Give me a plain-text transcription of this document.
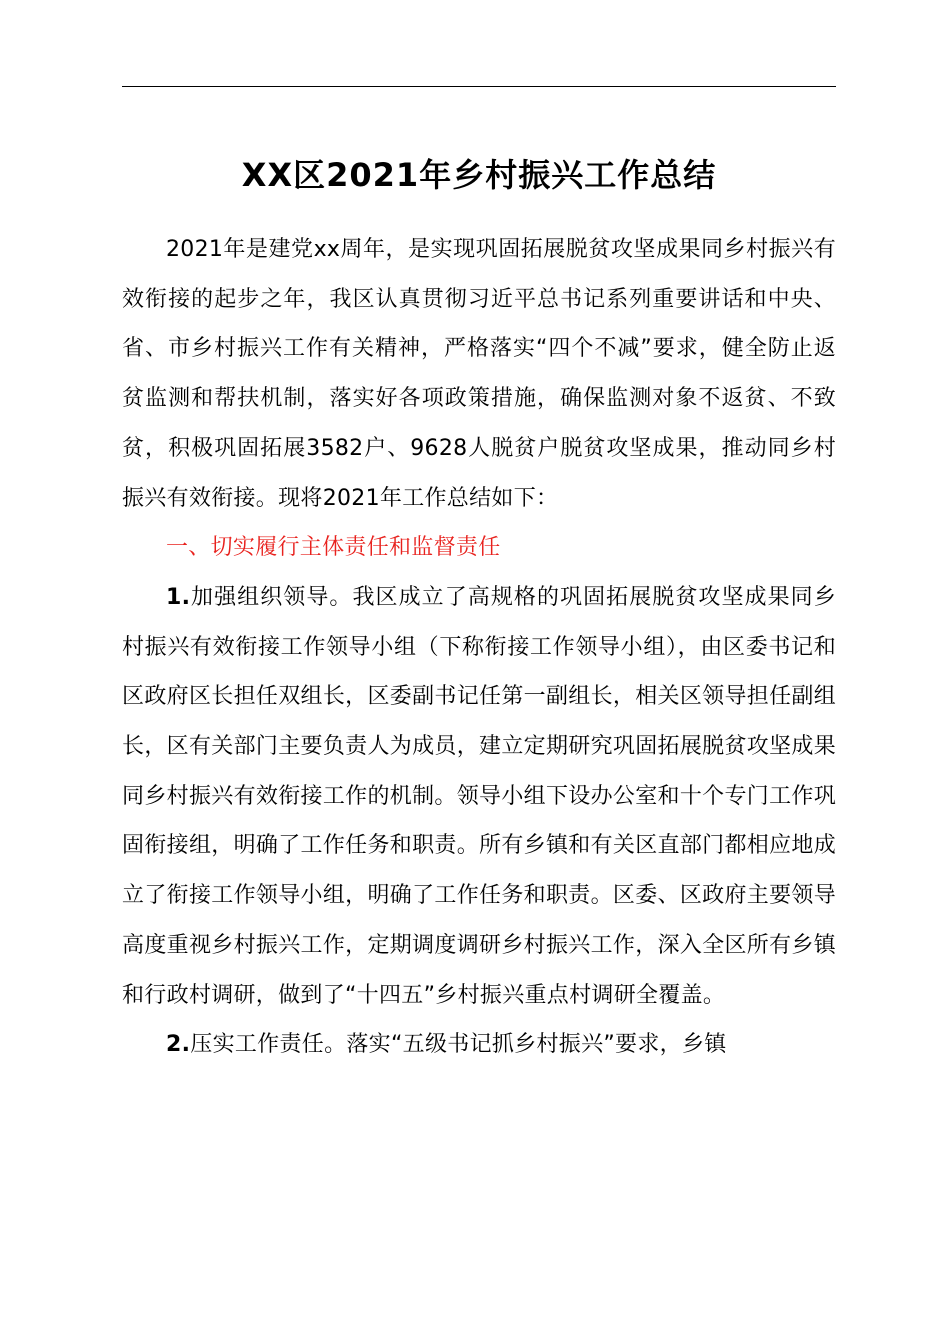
XX区2021年乡村振兴工作总结

2021年是建党xx周年，是实现巩固拓展脱贫攻坚成果同乡村振兴有效衔接的起步之年，我区认真贯彻习近平总书记系列重要讲话和中央、省、市乡村振兴工作有关精神，严格落实“四个不减”要求，健全防止返贫监测和帮扶机制，落实好各项政策措施，确保监测对象不返贫、不致贫，积极巩固拓展3582户、9628人脱贫户脱贫攻坚成果，推动同乡村振兴有效衔接。现将2021年工作总结如下：

一、切实履行主体责任和监督责任

1.加强组织领导。我区成立了高规格的巩固拓展脱贫攻坚成果同乡村振兴有效衔接工作领导小组（下称衔接工作领导小组），由区委书记和区政府区长担任双组长，区委副书记任第一副组长，相关区领导担任副组长，区有关部门主要负责人为成员，建立定期研究巩固拓展脱贫攻坚成果同乡村振兴有效衔接工作的机制。领导小组下设办公室和十个专门工作巩固衔接组，明确了工作任务和职责。所有乡镇和有关区直部门都相应地成立了衔接工作领导小组，明确了工作任务和职责。区委、区政府主要领导高度重视乡村振兴工作，定期调度调研乡村振兴工作，深入全区所有乡镇和行政村调研，做到了“十四五”乡村振兴重点村调研全覆盖。

2.压实工作责任。落实“五级书记抓乡村振兴”要求，乡镇
